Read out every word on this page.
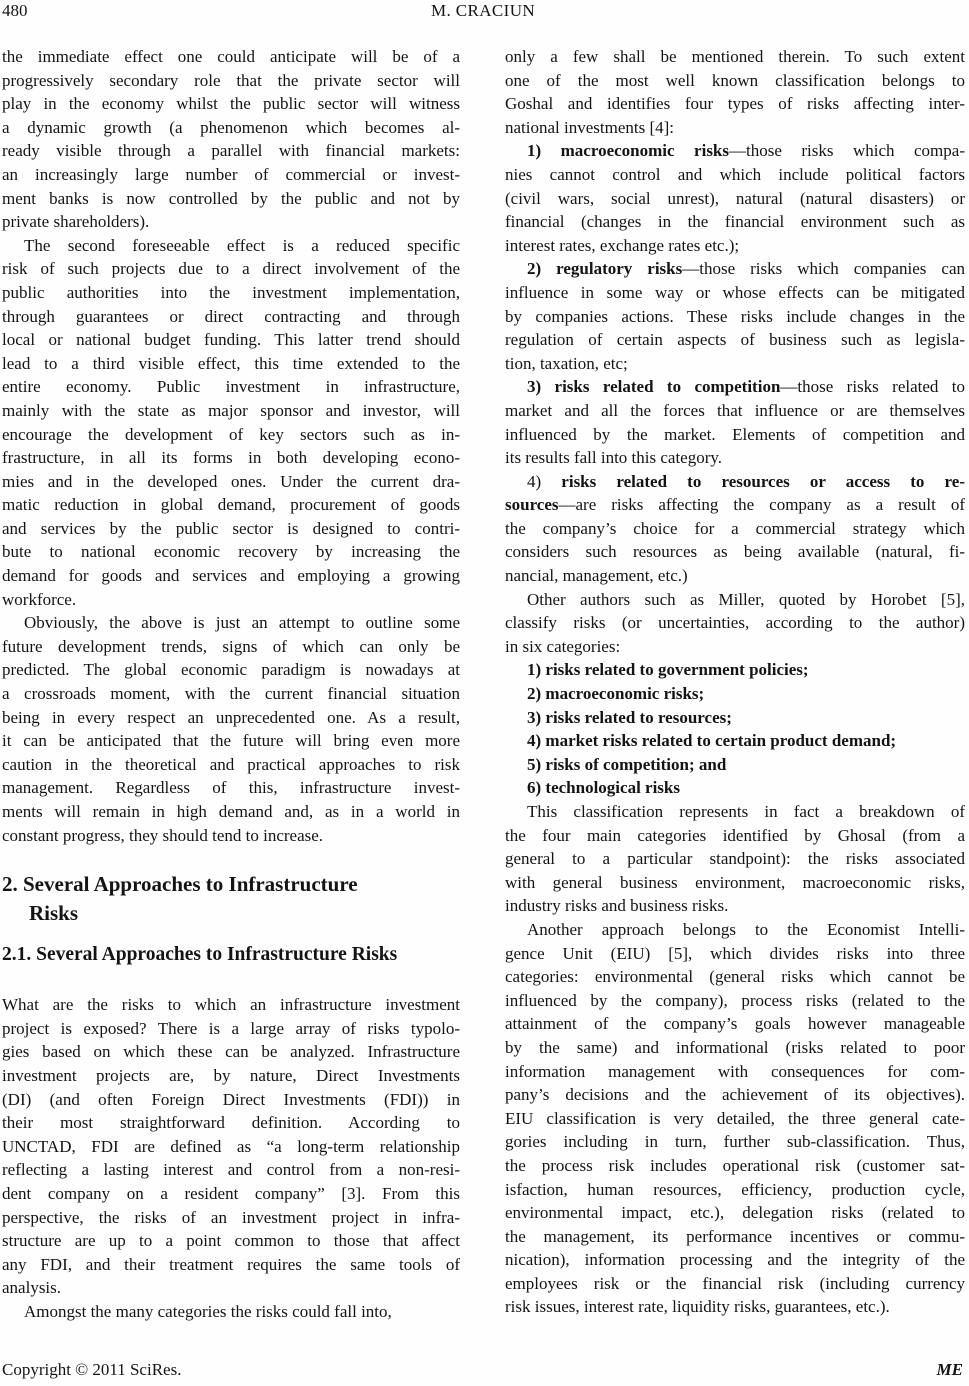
480	M. CRACIUN
the immediate effect one could anticipate will be of a
progressively secondary role that the private sector will
play in the economy whilst the public sector will witness
a dynamic growth (a phenomenon which becomes al-
ready visible through a parallel with financial markets:
an increasingly large number of commercial or invest-
ment banks is now controlled by the public and not by
private shareholders).
The second foreseeable effect is a reduced specific
risk of such projects due to a direct involvement of the
public authorities into the investment implementation,
through guarantees or direct contracting and through
local or national budget funding. This latter trend should
lead to a third visible effect, this time extended to the
entire economy. Public investment in infrastructure,
mainly with the state as major sponsor and investor, will
encourage the development of key sectors such as in-
frastructure, in all its forms in both developing econo-
mies and in the developed ones. Under the current dra-
matic reduction in global demand, procurement of goods
and services by the public sector is designed to contri-
bute to national economic recovery by increasing the
demand for goods and services and employing a growing
workforce.
Obviously, the above is just an attempt to outline some
future development trends, signs of which can only be
predicted. The global economic paradigm is nowadays at
a crossroads moment, with the current financial situation
being in every respect an unprecedented one. As a result,
it can be anticipated that the future will bring even more
caution in the theoretical and practical approaches to risk
management. Regardless of this, infrastructure invest-
ments will remain in high demand and, as in a world in
constant progress, they should tend to increase.
2. Several Approaches to Infrastructure
Risks
2.1. Several Approaches to Infrastructure Risks
What are the risks to which an infrastructure investment
project is exposed? There is a large array of risks typolo-
gies based on which these can be analyzed. Infrastructure
investment projects are, by nature, Direct Investments
(DI) (and often Foreign Direct Investments (FDI)) in
their most straightforward definition. According to
UNCTAD, FDI are defined as “a long-term relationship
reflecting a lasting interest and control from a non-resi-
dent company on a resident company” [3]. From this
perspective, the risks of an investment project in infra-
structure are up to a point common to those that affect
any FDI, and their treatment requires the same tools of
analysis.
Amongst the many categories the risks could fall into,
only a few shall be mentioned therein. To such extent
one of the most well known classification belongs to
Goshal and identifies four types of risks affecting inter-
national investments [4]:
1) macroeconomic risks—those risks which compa-
nies cannot control and which include political factors
(civil wars, social unrest), natural (natural disasters) or
financial (changes in the financial environment such as
interest rates, exchange rates etc.);
2) regulatory risks—those risks which companies can
influence in some way or whose effects can be mitigated
by companies actions. These risks include changes in the
regulation of certain aspects of business such as legisla-
tion, taxation, etc;
3) risks related to competition—those risks related to
market and all the forces that influence or are themselves
influenced by the market. Elements of competition and
its results fall into this category.
4) risks related to resources or access to re-
sources—are risks affecting the company as a result of
the company’s choice for a commercial strategy which
considers such resources as being available (natural, fi-
nancial, management, etc.)
Other authors such as Miller, quoted by Horobet [5],
classify risks (or uncertainties, according to the author)
in six categories:
1) risks related to government policies;
2) macroeconomic risks;
3) risks related to resources;
4) market risks related to certain product demand;
5) risks of competition; and
6) technological risks
This classification represents in fact a breakdown of
the four main categories identified by Ghosal (from a
general to a particular standpoint): the risks associated
with general business environment, macroeconomic risks,
industry risks and business risks.
Another approach belongs to the Economist Intelli-
gence Unit (EIU) [5], which divides risks into three
categories: environmental (general risks which cannot be
influenced by the company), process risks (related to the
attainment of the company’s goals however manageable
by the same) and informational (risks related to poor
information management with consequences for com-
pany’s decisions and the achievement of its objectives).
EIU classification is very detailed, the three general cate-
gories including in turn, further sub-classification. Thus,
the process risk includes operational risk (customer sat-
isfaction, human resources, efficiency, production cycle,
environmental impact, etc.), delegation risks (related to
the management, its performance incentives or commu-
nication), information processing and the integrity of the
employees risk or the financial risk (including currency
risk issues, interest rate, liquidity risks, guarantees, etc.).
Copyright © 2011 SciRes.	ME
